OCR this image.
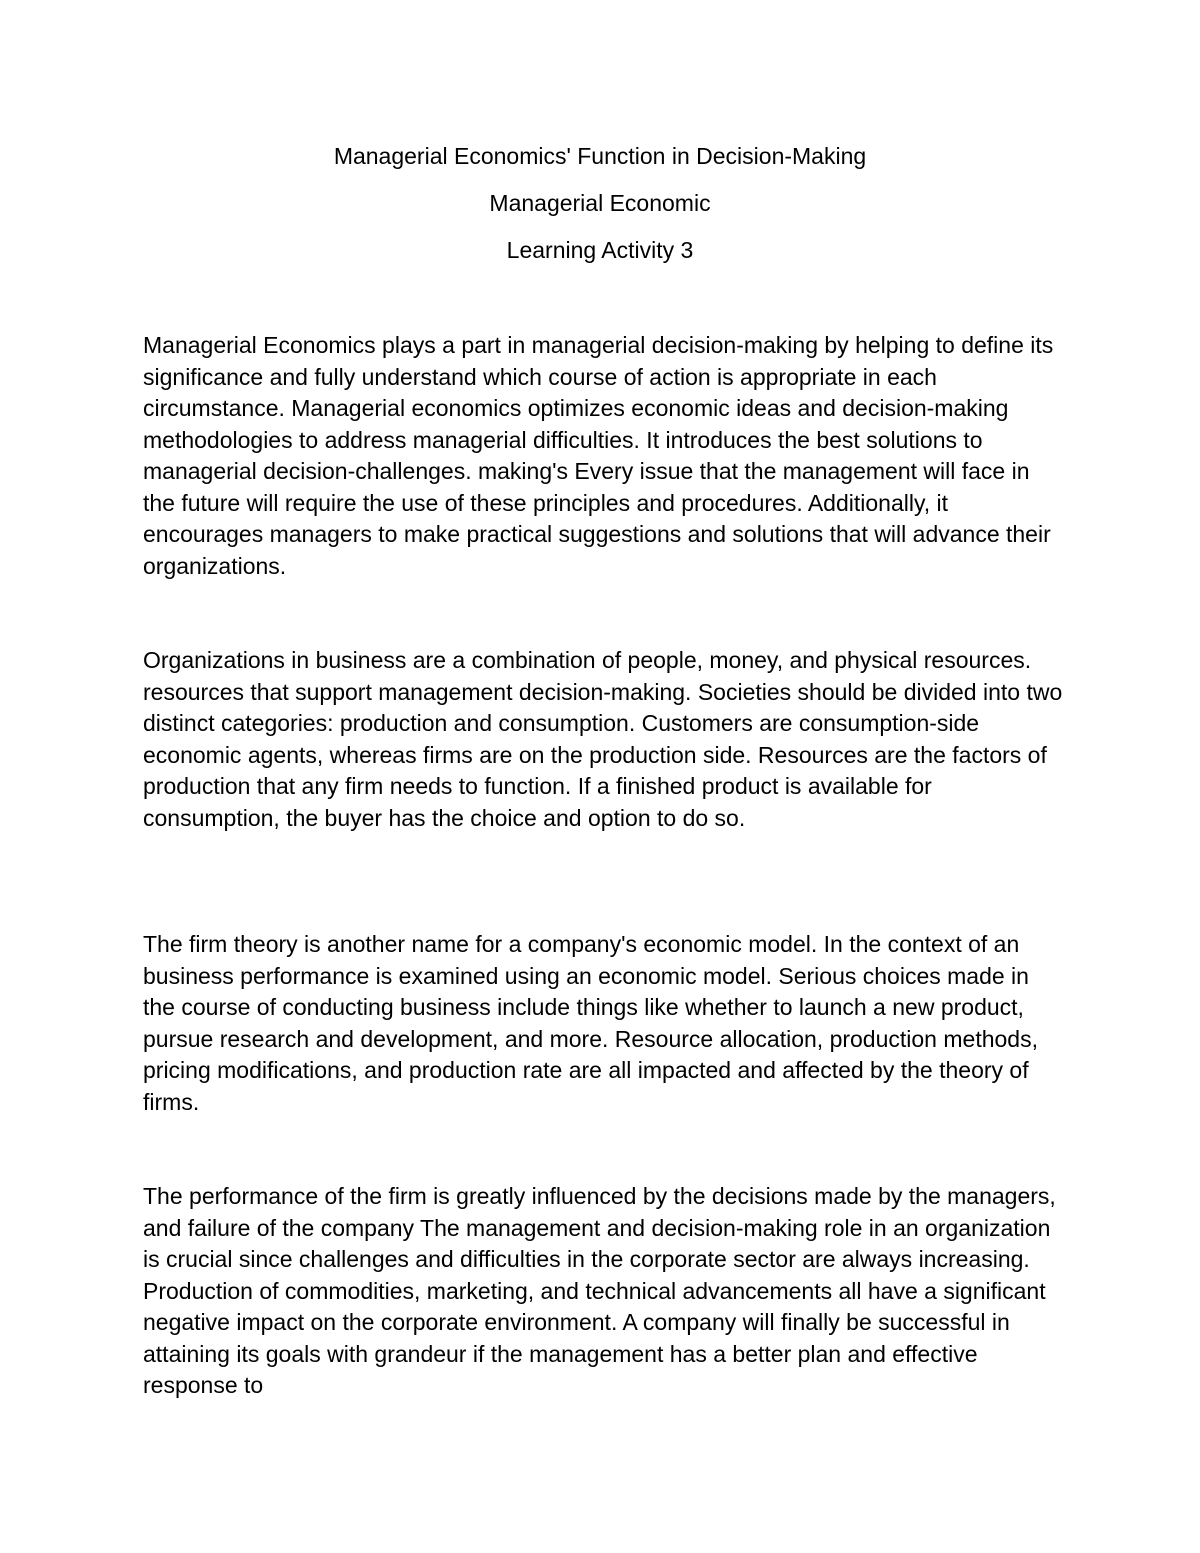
Managerial Economics' Function in Decision-Making
Managerial Economic
Learning Activity 3

Managerial Economics plays a part in managerial decision-making by helping to define its significance and fully understand which course of action is appropriate in each circumstance. Managerial economics optimizes economic ideas and decision-making methodologies to address managerial difficulties. It introduces the best solutions to managerial decision-challenges. making's Every issue that the management will face in the future will require the use of these principles and procedures. Additionally, it encourages managers to make practical suggestions and solutions that will advance their organizations.

Organizations in business are a combination of people, money, and physical resources. resources that support management decision-making. Societies should be divided into two distinct categories: production and consumption. Customers are consumption-side economic agents, whereas firms are on the production side. Resources are the factors of production that any firm needs to function. If a finished product is available for consumption, the buyer has the choice and option to do so.

The firm theory is another name for a company's economic model. In the context of an business performance is examined using an economic model. Serious choices made in the course of conducting business include things like whether to launch a new product, pursue research and development, and more. Resource allocation, production methods, pricing modifications, and production rate are all impacted and affected by the theory of firms.

The performance of the firm is greatly influenced by the decisions made by the managers, and failure of the company The management and decision-making role in an organization is crucial since challenges and difficulties in the corporate sector are always increasing. Production of commodities, marketing, and technical advancements all have a significant negative impact on the corporate environment. A company will finally be successful in attaining its goals with grandeur if the management has a better plan and effective response to
